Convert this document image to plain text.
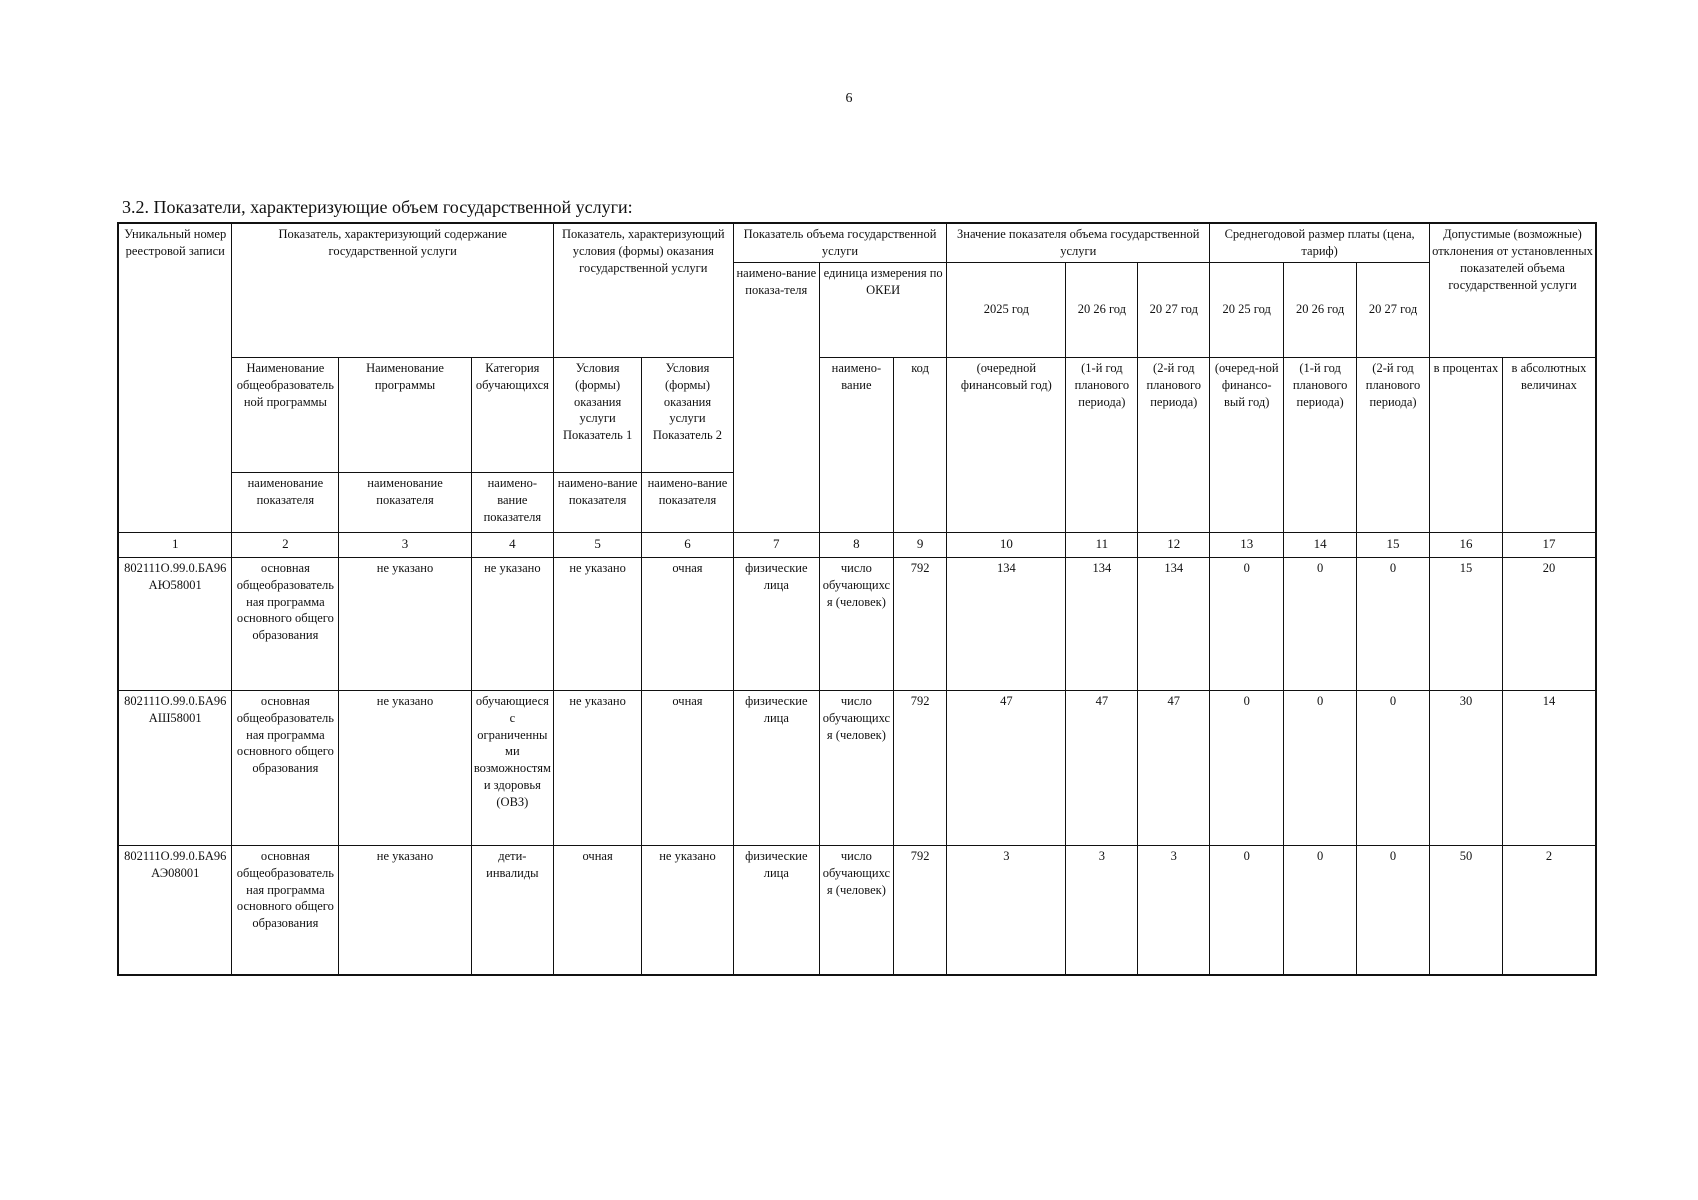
6
3.2. Показатели, характеризующие объем государственной услуги:
Уникальный номер реестровой записи	Показатель, характеризующий содержание государственной услуги			Показатель, характеризующий условия (формы) оказания государственной услуги		Показатель объема государственной услуги			Значение показателя объема государственной услуги			Среднегодовой размер платы (цена, тариф)			Допустимые (возможные) отклонения от установленных показателей объема государственной услуги	
						наимено-вание показа-теля	единица измерения по ОКЕИ		2025 год	20 26 год	20 27 год	20 25 год	20 26 год	20 27 год		
	Наименование общеобразовательной программы	Наименование программы	Категория обучающихся	Условия (формы) оказания услуги Показатель 1	Условия (формы) оказания услуги Показатель 2		наимено-вание	код	(очередной финансовый год)	(1-й год планового периода)	(2-й год планового периода)	(очеред-ной финансо-вый год)	(1-й год планового периода)	(2-й год планового периода)	в процентах	в абсолютных величинах
	наименование показателя	наименование показателя	наимено-вание показателя	наимено-вание показателя	наимено-вание показателя											
1	2	3	4	5	6	7	8	9	10	11	12	13	14	15	16	17
802111О.99.0.БА96АЮ58001	основная общеобразовательная программа основного общего образования	не указано	не указано	не указано	очная	физические лица	число обучающихся (человек)	792	134	134	134	0	0	0	15	20
802111О.99.0.БА96АШ58001	основная общеобразовательная программа основного общего образования	не указано	обучающиеся с ограниченными возможностями здоровья (ОВЗ)	не указано	очная	физические лица	число обучающихся (человек)	792	47	47	47	0	0	0	30	14
802111О.99.0.БА96АЭ08001	основная общеобразовательная программа основного общего образования	не указано	дети-инвалиды	очная	не указано	физические лица	число обучающихся (человек)	792	3	3	3	0	0	0	50	2
